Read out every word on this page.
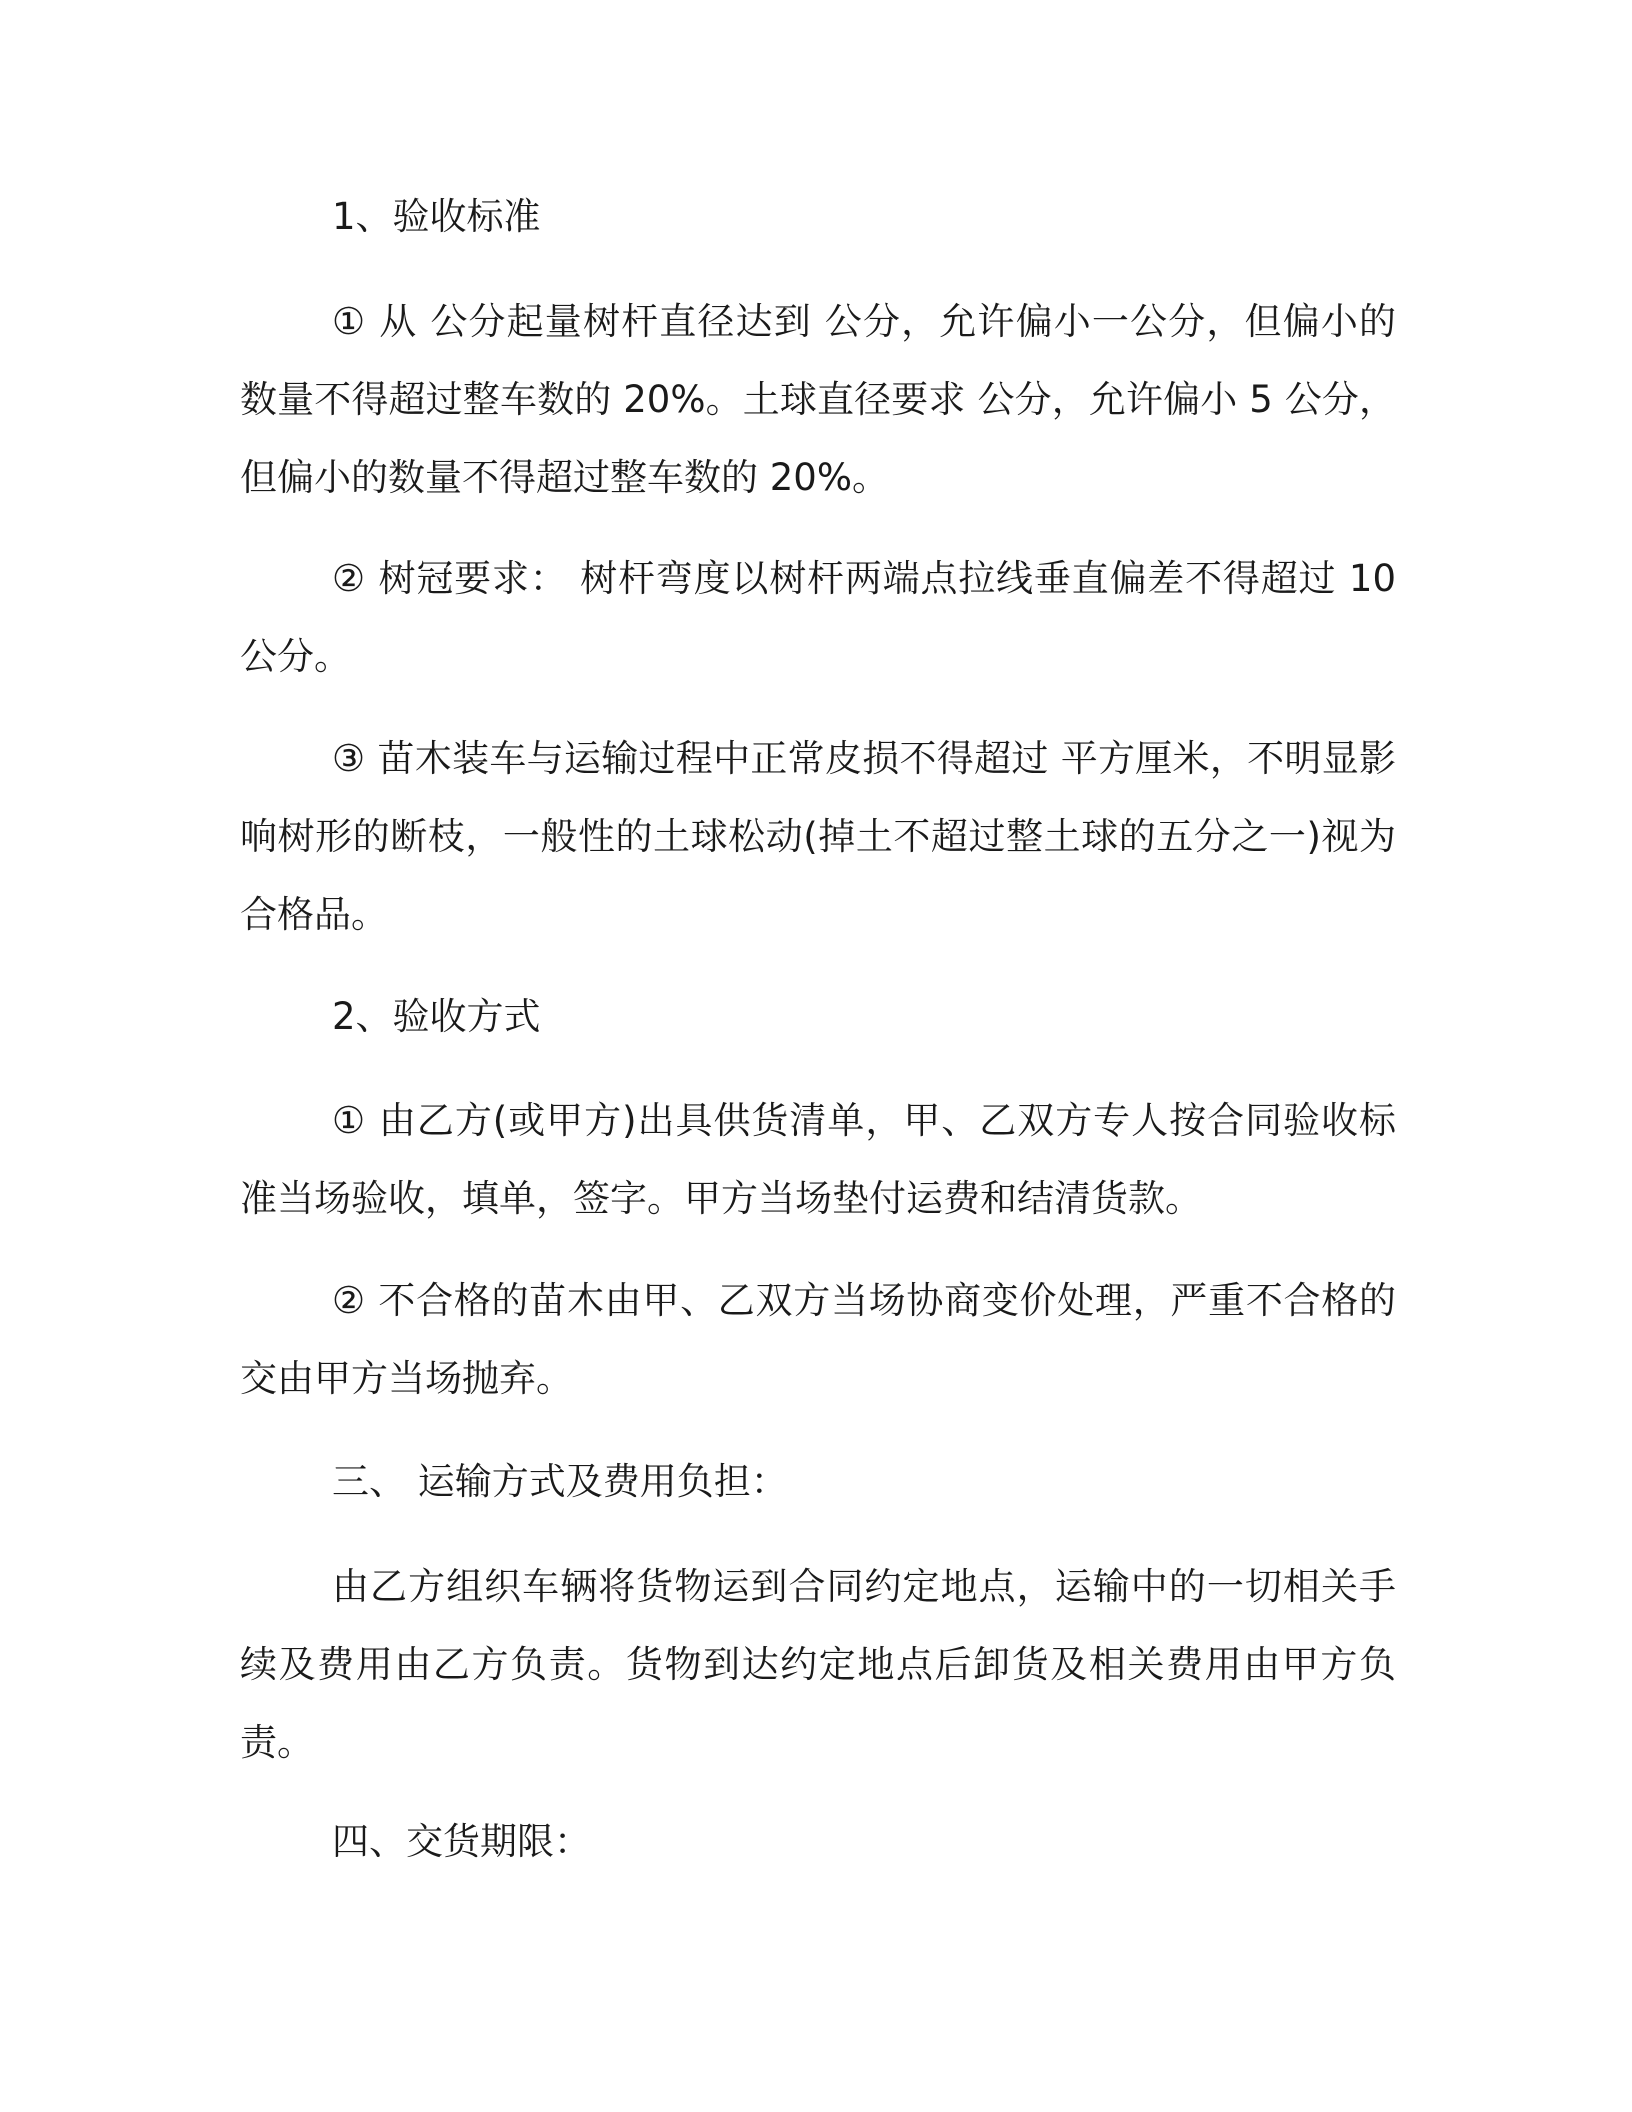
1、验收标准

① 从 公分起量树杆直径达到 公分，允许偏小一公分，但偏小的数量不得超过整车数的 20%。土球直径要求 公分，允许偏小 5 公分，但偏小的数量不得超过整车数的 20%。

② 树冠要求： 树杆弯度以树杆两端点拉线垂直偏差不得超过 10 公分。

③ 苗木装车与运输过程中正常皮损不得超过 平方厘米，不明显影响树形的断枝，一般性的土球松动(掉土不超过整土球的五分之一)视为合格品。

2、验收方式

① 由乙方(或甲方)出具供货清单，甲、乙双方专人按合同验收标准当场验收，填单，签字。甲方当场垫付运费和结清货款。

② 不合格的苗木由甲、乙双方当场协商变价处理，严重不合格的交由甲方当场抛弃。

三、 运输方式及费用负担：

由乙方组织车辆将货物运到合同约定地点，运输中的一切相关手续及费用由乙方负责。货物到达约定地点后卸货及相关费用由甲方负责。

四、交货期限：
